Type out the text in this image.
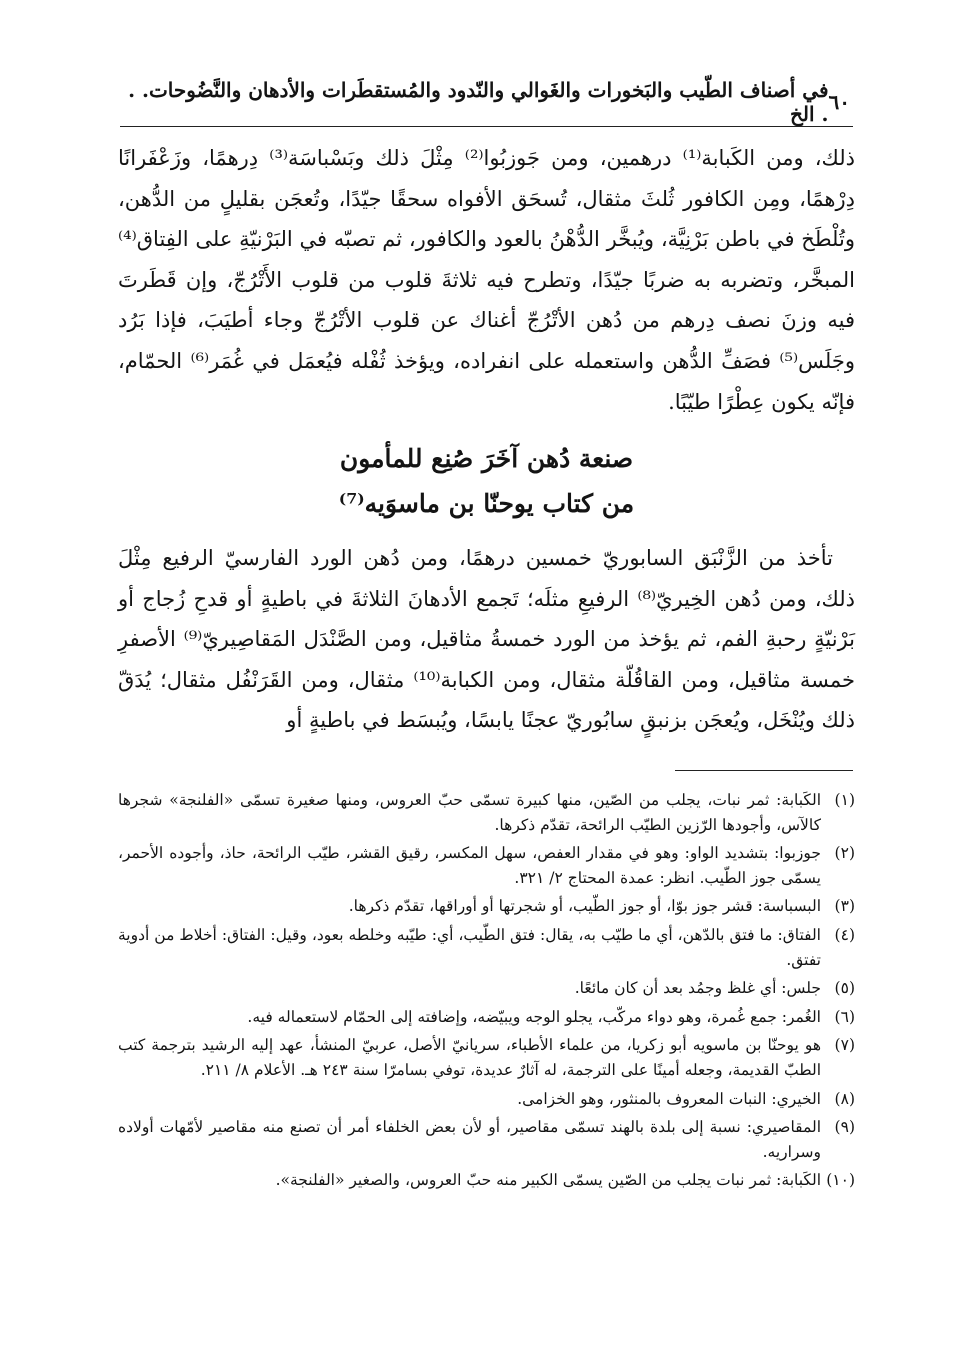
٦٠
في أصناف الطّيب والبَخورات والغَوالي والنّدود والمُستقطَرات والأدهان والنَّضُوحات. . . الخ

ذلك، ومن الكَبابة⁽¹⁾ درهمين، ومن جَوزبُوا⁽²⁾ مِثْلَ ذلك وبَسْباسَة⁽³⁾ دِرهمًا، وزَعْفَرانًا دِرْهمًا، ومِن الكافور ثُلثَ مثقال، تُسحَق الأفواه سحقًا جيّدًا، وتُعجَن بقليلٍ من الدُّهن، وتُلْطَخ في باطن بَرْنِيَّة، ويُبخَّر الدُّهْنُ بالعود والكافور، ثم تصبّه في البَرْنيّةِ على الفِتاق⁽⁴⁾ المبخَّر، وتضربه به ضربًا جيّدًا، وتطرح فيه ثلاثةَ قلوب من قلوب الأَتْرُجّ، وإن قَطَرتَ فيه وزنَ نصف دِرهم من دُهن الأتْرُجّ أغناك عن قلوب الأتْرُجّ وجاء أطيَبَ، فإذا بَرُد وجَلَس⁽⁵⁾ فصَفِّ الدُّهن واستعمله على انفراده، ويؤخذ ثُفْله فيُعمَل في غُمَر⁽⁶⁾ الحمّام، فإنّه يكون عِطْرًا طيّبًا.

صنعة دُهن آخَرَ صُنِع للمأمون
من كتاب يوحنّا بن ماسوَيه⁽⁷⁾

تأخذ من الزَّنْبَق السابوريّ خمسين درهمًا، ومن دُهن الورد الفارسيّ الرفيع مِثْلَ ذلك، ومن دُهن الخِيريّ⁽⁸⁾ الرفيعِ مثلَه؛ تَجمع الأدهانَ الثلاثةَ في باطيةٍ أو قدحِ زُجاج أو بَرْنيّةٍ رحبةِ الفم، ثم يؤخذ من الورد خمسةُ مثاقيل، ومن الصَّنْدَل المَقاصِيريّ⁽⁹⁾ الأصفرِ خمسة مثاقيل، ومن القاقُلّة مثقال، ومن الكبابة⁽¹⁰⁾ مثقال، ومن القَرَنْفُل مثقال؛ يُدَقّ ذلك ويُنْخَل، ويُعجَن بزنبقٍ سابُوريّ عجنًا يابسًا، ويُبسَط في باطيةٍ أو

(١)
الكَبابة: ثمر نبات، يجلب من الصّين، منها كبيرة تسمّى حبّ العروس، ومنها صغيرة تسمّى «الفلنجة» شجرها كالآس، وأجودها الرّزين الطيّب الرائحة، تقدّم ذكرها.
(٢)
جوزبوا: بتشديد الواو: وهو في مقدار العفص، سهل المكسر، رقيق القشر، طيّب الرائحة، حاذ، وأجوده الأحمر، يسمّى جوز الطّيب. انظر: عمدة المحتاج ٢/ ٣٢١.
(٣)
البسباسة: قشر جوز بوّا، أو جوز الطّيب، أو شجرتها أو أوراقها، تقدّم ذكرها.
(٤)
الفتاق: ما فتق بالدّهن، أي ما طيّب به، يقال: فتق الطّيب، أي: طيّبه وخلطه بعود، وقيل: الفتاق: أخلاط من أدوية تفتق.
(٥)
جلس: أي غلظ وجمُد بعد أن كان مائعًا.
(٦)
الغُمر: جمع غُمرة، وهو دواء مركّب، يجلو الوجه ويبيّضه، وإضافته إلى الحمّام لاستعماله فيه.
(٧)
هو يوحنّا بن ماسويه أبو زكريا، من علماء الأطباء، سريانيّ الأصل، عربيّ المنشأ، عهد إليه الرشيد بترجمة كتب الطبّ القديمة، وجعله أمينًا على الترجمة، له آثارٌ عديدة، توفي بسامرّا سنة ٢٤٣ هـ. الأعلام ٨/ ٢١١.
(٨)
الخيري: النبات المعروف بالمنثور، وهو الخزامى.
(٩)
المقاصيري: نسبة إلى بلدة بالهند تسمّى مقاصير، أو لأن بعض الخلفاء أمر أن تصنع منه مقاصير لأمّهات أولاده وسراريه.
(١٠)
الكَبابة: ثمر نبات يجلب من الصّين يسمّى الكبير منه حبّ العروس، والصغير «الفلنجة».
